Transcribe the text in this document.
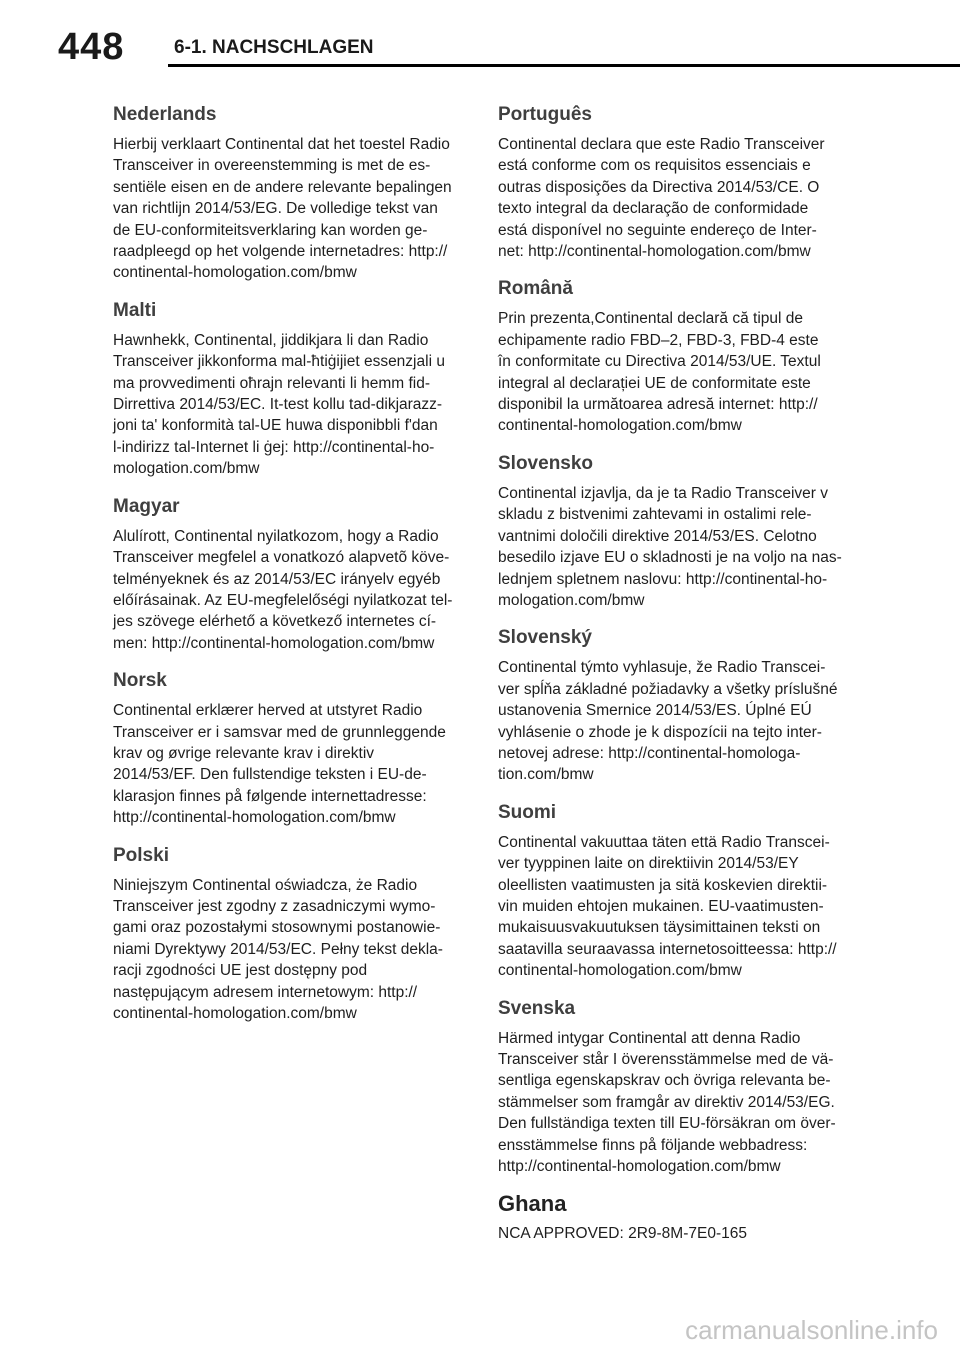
448	6-1. NACHSCHLAGEN
Nederlands

Hierbij verklaart Continental dat het toestel Radio
Transceiver in overeenstemming is met de es-
sentiële eisen en de andere relevante bepalingen
van richtlijn 2014/53/EG. De volledige tekst van
de EU-conformiteitsverklaring kan worden ge-
raadpleegd op het volgende internetadres: http://
continental-homologation.com/bmw

Malti

Hawnhekk, Continental, jiddikjara li dan Radio
Transceiver jikkonforma mal-ħtiġijiet essenzjali u
ma provvedimenti oħrajn relevanti li hemm fid-
Dirrettiva 2014/53/EC. It-test kollu tad-dikjarazz-
joni ta' konformità tal-UE huwa disponibbli f'dan
l-indirizz tal-Internet li ġej: http://continental-ho-
mologation.com/bmw

Magyar

Alulírott, Continental nyilatkozom, hogy a Radio
Transceiver megfelel a vonatkozó alapvetõ köve-
telményeknek és az 2014/53/EC irányelv egyéb
előírásainak. Az EU-megfelelőségi nyilatkozat tel-
jes szövege elérhető a következő internetes cí-
men: http://continental-homologation.com/bmw

Norsk

Continental erklærer herved at utstyret Radio
Transceiver er i samsvar med de grunnleggende
krav og øvrige relevante krav i direktiv
2014/53/EF. Den fullstendige teksten i EU-de-
klarasjon finnes på følgende internettadresse:
http://continental-homologation.com/bmw

Polski

Niniejszym Continental oświadcza, że Radio
Transceiver jest zgodny z zasadniczymi wymo-
gami oraz pozostałymi stosownymi postanowie-
niami Dyrektywy 2014/53/EC. Pełny tekst dekla-
racji zgodności UE jest dostępny pod
następującym adresem internetowym: http://
continental-homologation.com/bmw

Português

Continental declara que este Radio Transceiver
está conforme com os requisitos essenciais e
outras disposições da Directiva 2014/53/CE. O
texto integral da declaração de conformidade
está disponível no seguinte endereço de Inter-
net: http://continental-homologation.com/bmw

Română

Prin prezenta,Continental declară că tipul de
echipamente radio FBD–2, FBD-3, FBD-4 este
în conformitate cu Directiva 2014/53/UE. Textul
integral al declarației UE de conformitate este
disponibil la următoarea adresă internet: http://
continental-homologation.com/bmw

Slovensko

Continental izjavlja, da je ta Radio Transceiver v
skladu z bistvenimi zahtevami in ostalimi rele-
vantnimi določili direktive 2014/53/ES. Celotno
besedilo izjave EU o skladnosti je na voljo na nas-
lednjem spletnem naslovu: http://continental-ho-
mologation.com/bmw

Slovenský

Continental týmto vyhlasuje, že Radio Transcei-
ver spĺňa základné požiadavky a všetky príslušné
ustanovenia Smernice 2014/53/ES. Úplné EÚ
vyhlásenie o zhode je k dispozícii na tejto inter-
netovej adrese: http://continental-homologa-
tion.com/bmw

Suomi

Continental vakuuttaa täten että Radio Transcei-
ver tyyppinen laite on direktiivin 2014/53/EY
oleellisten vaatimusten ja sitä koskevien direktii-
vin muiden ehtojen mukainen. EU-vaatimusten-
mukaisuusvakuutuksen täysimittainen teksti on
saatavilla seuraavassa internetosoitteessa: http://
continental-homologation.com/bmw

Svenska

Härmed intygar Continental att denna Radio
Transceiver står I överensstämmelse med de vä-
sentliga egenskapskrav och övriga relevanta be-
stämmelser som framgår av direktiv 2014/53/EG.
Den fullständiga texten till EU-försäkran om över-
ensstämmelse finns på följande webbadress:
http://continental-homologation.com/bmw

Ghana

NCA APPROVED: 2R9-8M-7E0-165

carmanualsonline.info
